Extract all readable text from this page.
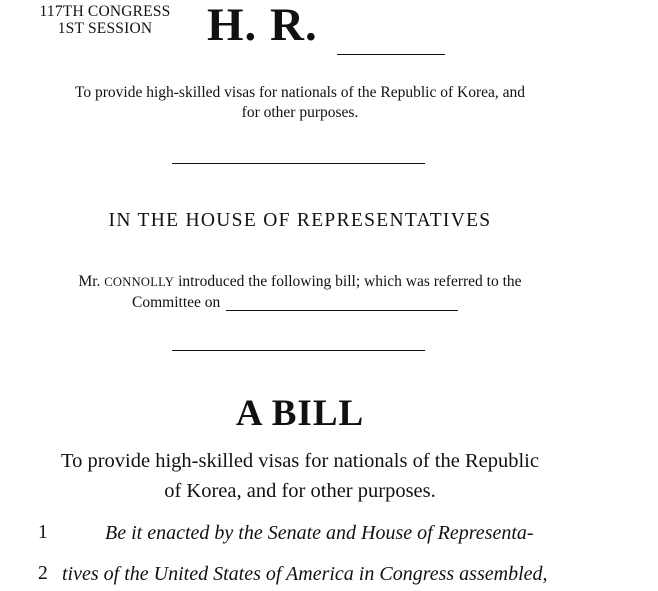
117TH CONGRESS
1ST SESSION	H. R.
To provide high-skilled visas for nationals of the Republic of Korea, and
for other purposes.
IN THE HOUSE OF REPRESENTATIVES
Mr. CONNOLLY introduced the following bill; which was referred to the
Committee on
A BILL
To provide high-skilled visas for nationals of the Republic
of Korea, and for other purposes.
1	Be it enacted by the Senate and House of Representa-
2 tives of the United States of America in Congress assembled,
